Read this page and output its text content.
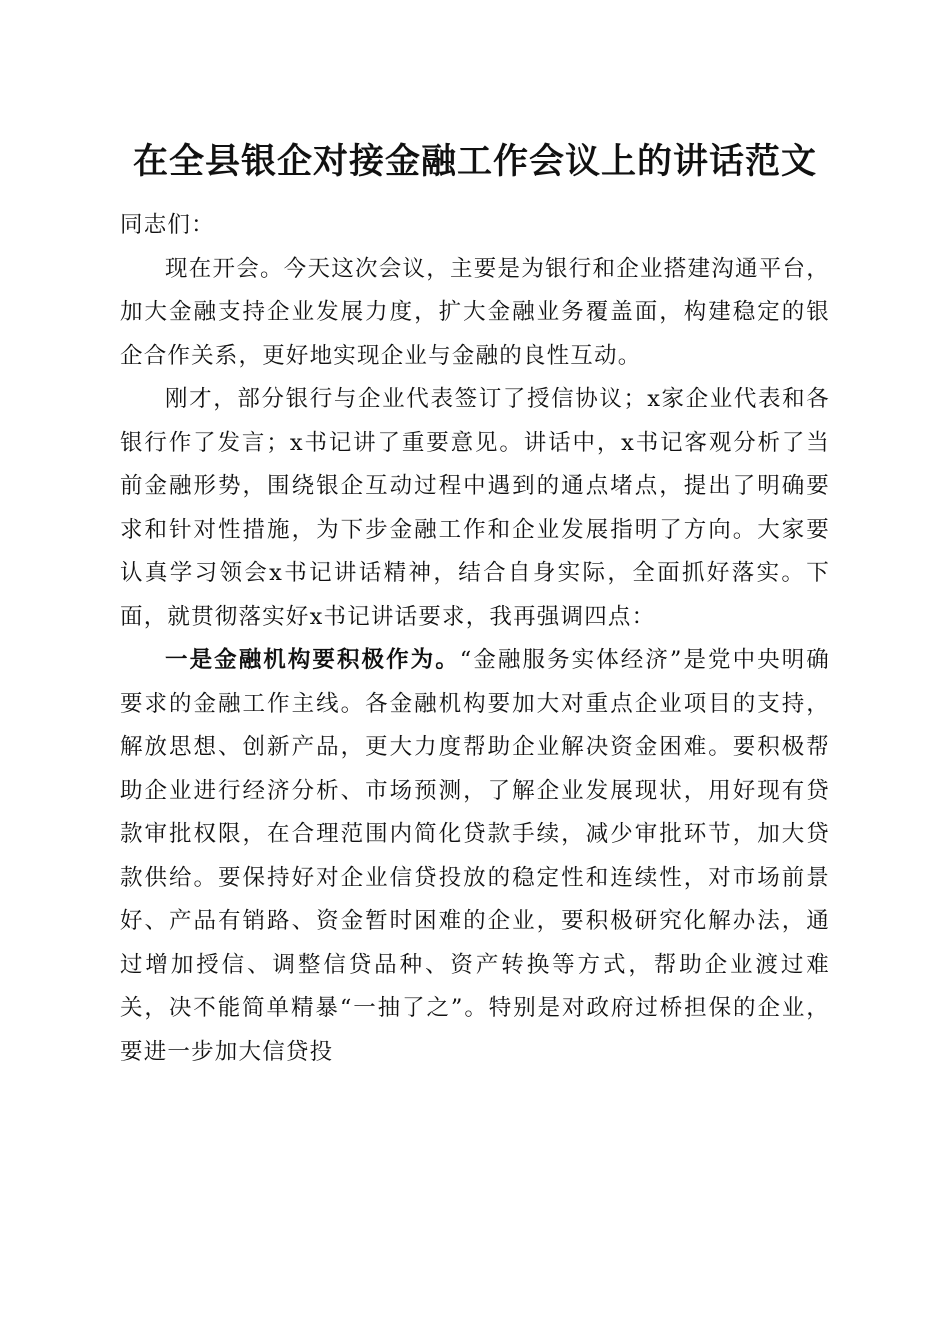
在全县银企对接金融工作会议上的讲话范文

同志们：

现在开会。今天这次会议，主要是为银行和企业搭建沟通平台，加大金融支持企业发展力度，扩大金融业务覆盖面，构建稳定的银企合作关系，更好地实现企业与金融的良性互动。

刚才，部分银行与企业代表签订了授信协议；x家企业代表和各银行作了发言；x书记讲了重要意见。讲话中，x书记客观分析了当前金融形势，围绕银企互动过程中遇到的通点堵点，提出了明确要求和针对性措施，为下步金融工作和企业发展指明了方向。大家要认真学习领会x书记讲话精神，结合自身实际，全面抓好落实。下面，就贯彻落实好x书记讲话要求，我再强调四点：

一是金融机构要积极作为。“金融服务实体经济”是党中央明确要求的金融工作主线。各金融机构要加大对重点企业项目的支持，解放思想、创新产品，更大力度帮助企业解决资金困难。要积极帮助企业进行经济分析、市场预测，了解企业发展现状，用好现有贷款审批权限，在合理范围内简化贷款手续，减少审批环节，加大贷款供给。要保持好对企业信贷投放的稳定性和连续性，对市场前景好、产品有销路、资金暂时困难的企业，要积极研究化解办法，通过增加授信、调整信贷品种、资产转换等方式，帮助企业渡过难关，决不能简单精暴“一抽了之”。特别是对政府过桥担保的企业，要进一步加大信贷投
